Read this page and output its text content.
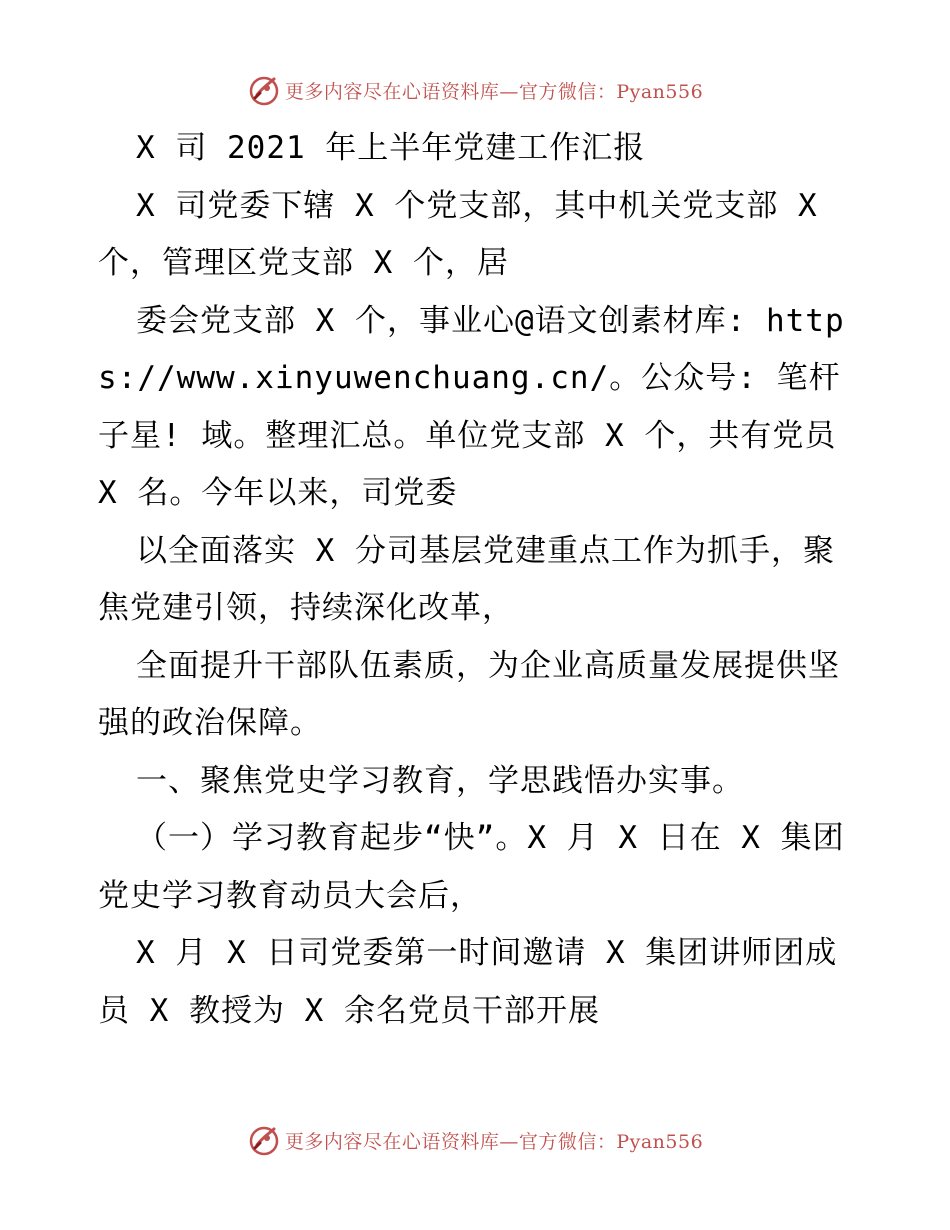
更多内容尽在心语资料库—官方微信：Pyan556

X 司 2021 年上半年党建工作汇报

X 司党委下辖 X 个党支部，其中机关党支部 X 个，管理区党支部 X 个，居

委会党支部 X 个，事业心@语文创素材库: https://www.xinyuwenchuang.cn/。公众号: 笔杆子星! 域。整理汇总。单位党支部 X 个，共有党员 X 名。今年以来，司党委

以全面落实 X 分司基层党建重点工作为抓手，聚焦党建引领，持续深化改革，

全面提升干部队伍素质，为企业高质量发展提供坚强的政治保障。

一、聚焦党史学习教育，学思践悟办实事。

（一）学习教育起步“快”。X 月 X 日在 X 集团党史学习教育动员大会后，

X 月 X 日司党委第一时间邀请 X 集团讲师团成员 X 教授为 X 余名党员干部开展

更多内容尽在心语资料库—官方微信：Pyan556
